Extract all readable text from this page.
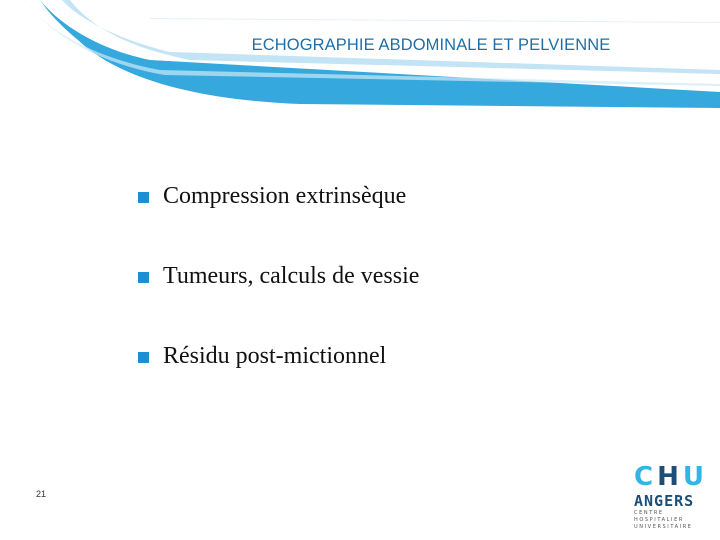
ECHOGRAPHIE ABDOMINALE ET PELVIENNE
Compression extrinsèque
Tumeurs, calculs de vessie
Résidu post-mictionnel
21
C H U
ANGERS
CENTRE HOSPITALIER
UNIVERSITAIRE
